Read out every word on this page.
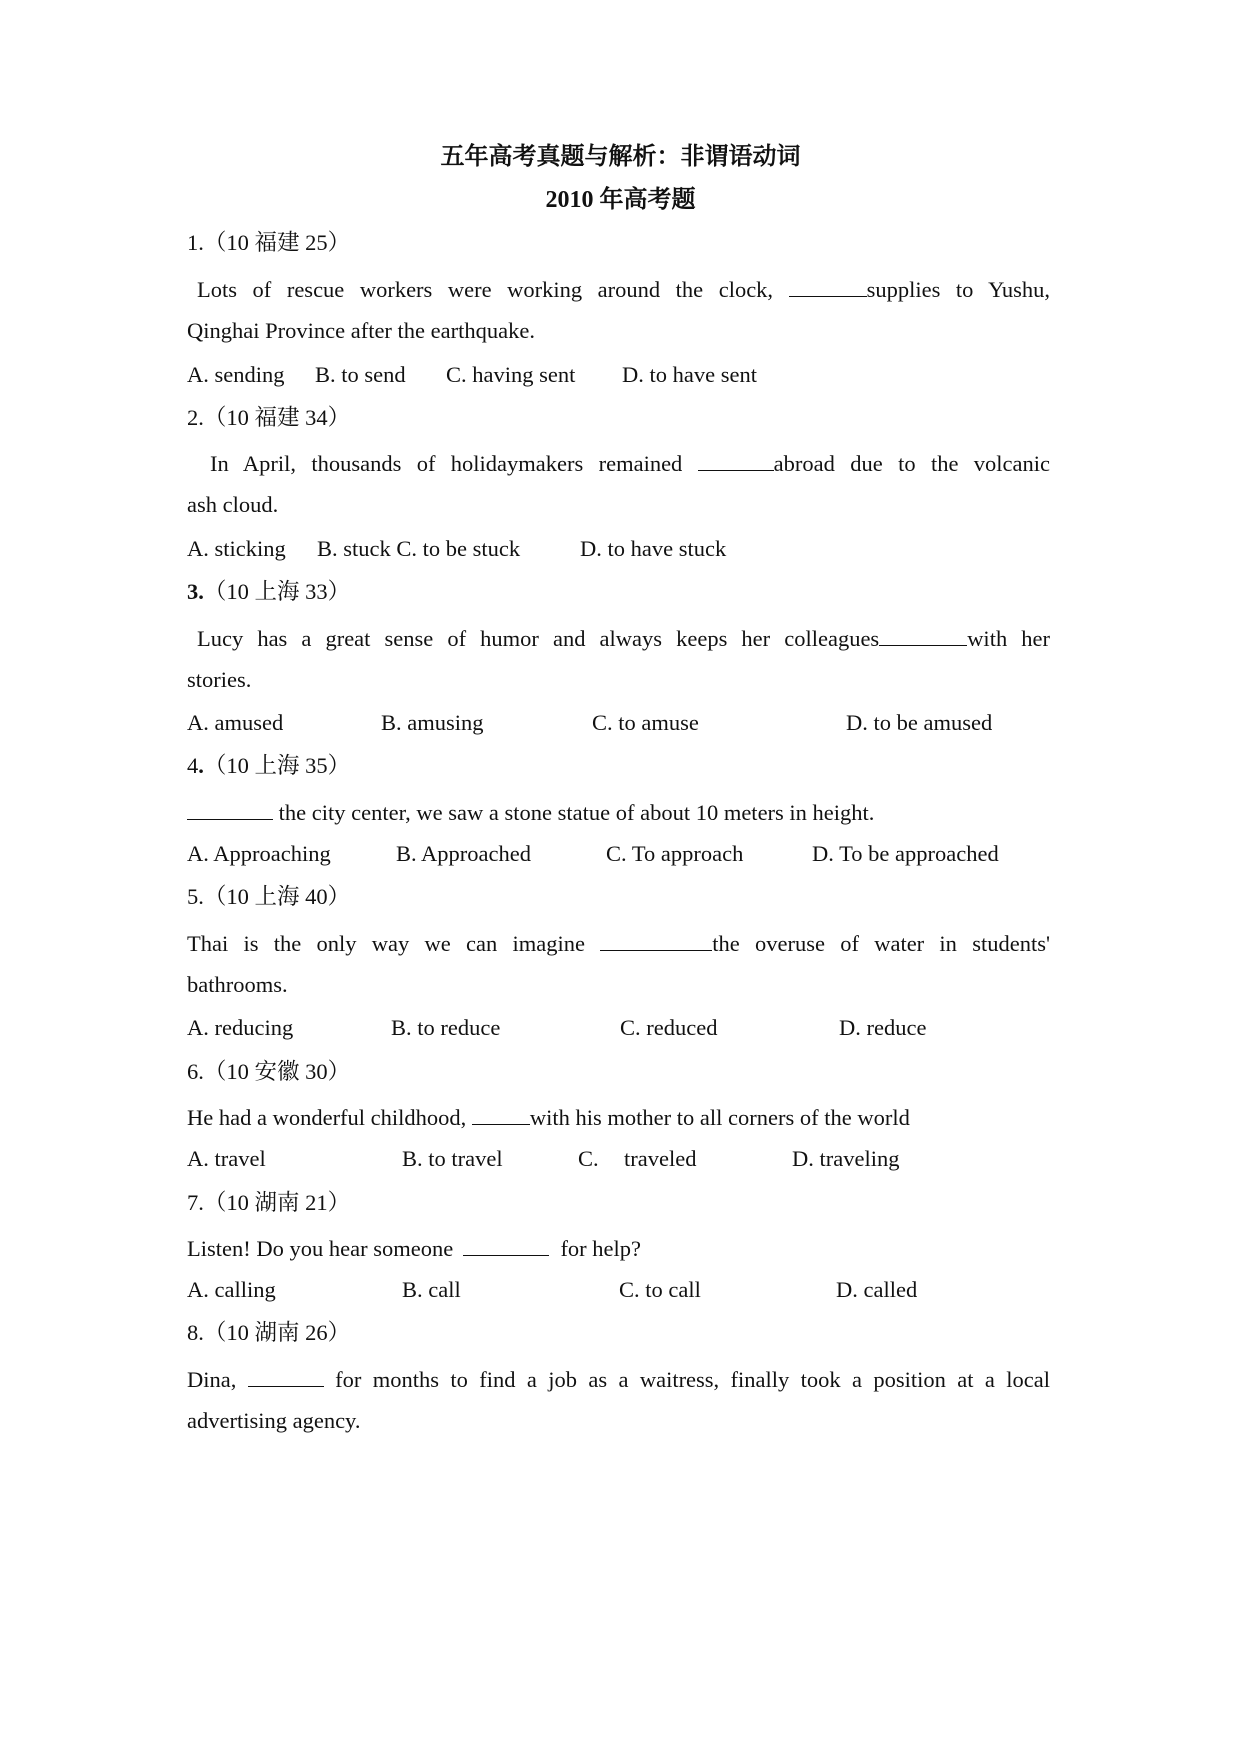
五年高考真题与解析：非谓语动词
2010 年高考题
1.（10 福建 25）
Lots of rescue workers were working around the clock,	supplies to Yushu,
Qinghai Province after the earthquake.
A. sending B. to send C. having sent D. to have sent
2.（10 福建 34）
In April, thousands of holidaymakers remained	abroad due to the volcanic
ash cloud.
A. sticking B. stuck C. to be stuck	D. to have stuck
3.（10 上海 33）
Lucy has a great sense of humor and always keeps her colleagues	with her
stories.
A. amused	B. amusing	C. to amuse	D. to be amused
4.（10 上海 35）
the city center, we saw a stone statue of about 10 meters in height.
A. Approaching	B. Approached	C. To approach	D. To be approached
5.（10 上海 40）
Thai is the only way we can imagine	the overuse of water in students'
bathrooms.
A. reducing	B. to reduce	C. reduced	D. reduce
6.（10 安徽 30）
He had a wonderful childhood,	with his mother to all corners of the world
A. travel	B. to travel	C. traveled	D. traveling
7.（10 湖南 21）
Listen! Do you hear someone	for help?
A. calling	B. call	C. to call	D. called
8.（10 湖南 26）
Dina,	for months to find a job as a waitress, finally took a position at a local
advertising agency.
